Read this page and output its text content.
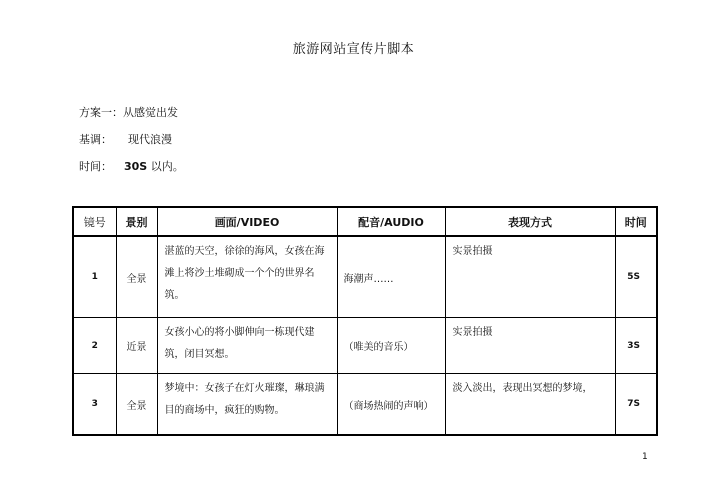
旅游网站宣传片脚本
方案一：从感觉出发
基调： 现代浪漫
时间： 30S 以内。
镜号	景别	画面/VIDEO	配音/AUDIO	表现方式	时间
1	全景	湛蓝的天空，徐徐的海风，女孩在海滩上将沙土堆砌成一个个的世界名筑。	海潮声……	实景拍摄	5S
2	近景	女孩小心的将小脚伸向一栋现代建筑，闭目冥想。	（唯美的音乐）	实景拍摄	3S
3	全景	梦境中：女孩子在灯火璀璨，琳琅满目的商场中，疯狂的购物。	（商场热闹的声响）	淡入淡出，表现出冥想的梦境，	7S
1
